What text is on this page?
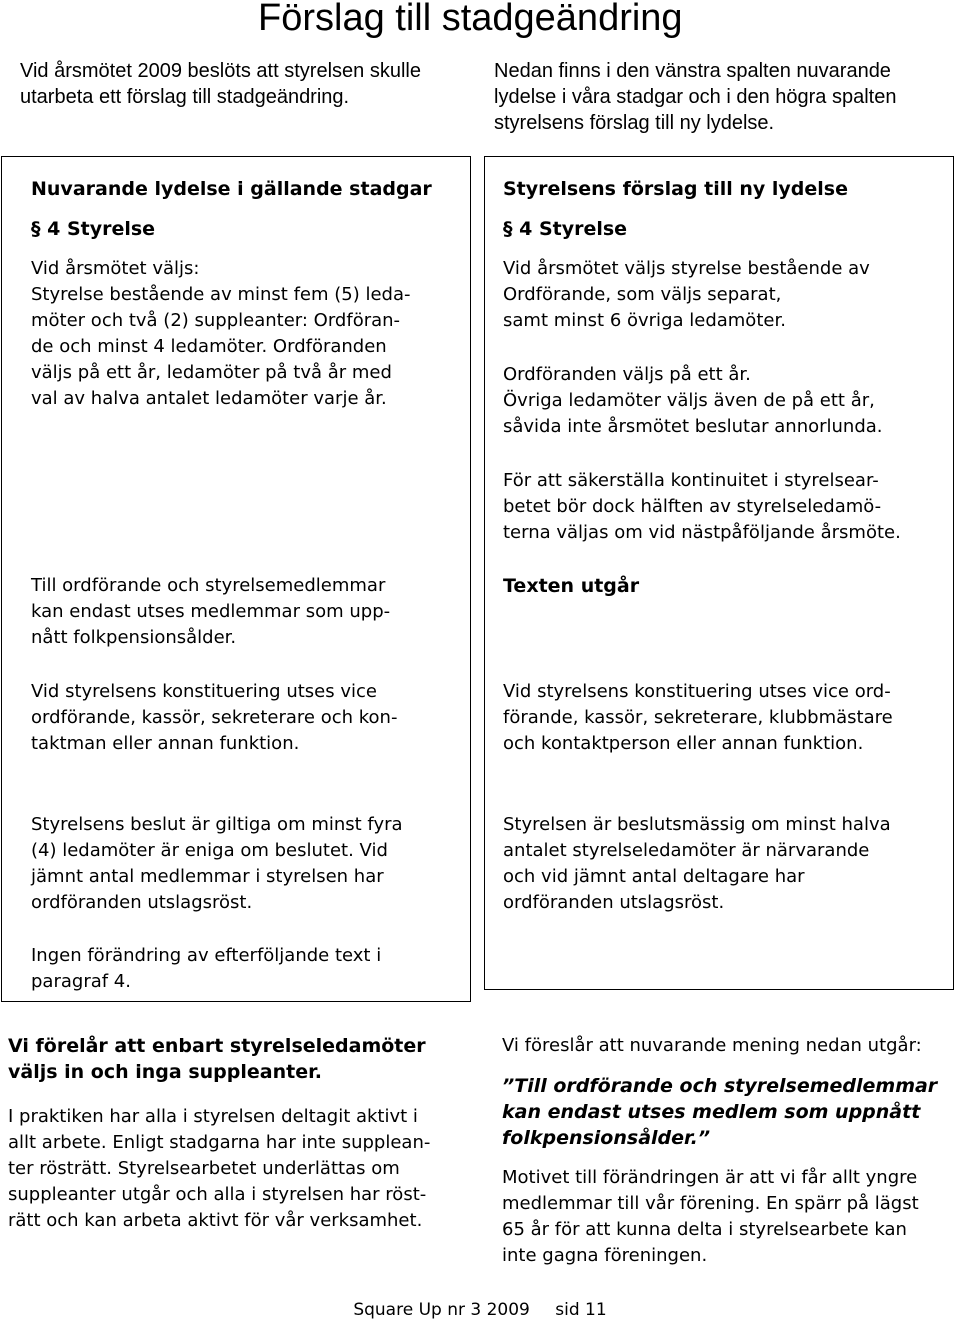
Förslag till stadgeändring
Vid årsmötet 2009 beslöts att styrelsen skulle
utarbeta ett förslag till stadgeändring.
Nedan finns i den vänstra spalten nuvarande
lydelse i våra stadgar och i den högra spalten
styrelsens förslag till ny lydelse.
Nuvarande lydelse i gällande stadgar
§ 4 Styrelse
Vid årsmötet väljs:
Styrelse bestående av minst fem (5) leda-
möter och två (2) suppleanter: Ordföran-
de och minst 4 ledamöter. Ordföranden
väljs på ett år, ledamöter på två år med
val av halva antalet ledamöter varje år.
Till ordförande och styrelsemedlemmar
kan endast utses medlemmar som upp-
nått folkpensionsålder.
Vid styrelsens konstituering utses vice
ordförande, kassör, sekreterare och kon-
taktman eller annan funktion.
Styrelsens beslut är giltiga om minst fyra
(4) ledamöter är eniga om beslutet. Vid
jämnt antal medlemmar i styrelsen har
ordföranden utslagsröst.
Ingen förändring av efterföljande text i
paragraf 4.
Styrelsens förslag till ny lydelse
§ 4 Styrelse
Vid årsmötet väljs styrelse bestående av
Ordförande, som väljs separat,
samt minst 6 övriga ledamöter.
Ordföranden väljs på ett år.
Övriga ledamöter väljs även de på ett år,
såvida inte årsmötet beslutar annorlunda.
För att säkerställa kontinuitet i styrelsear-
betet bör dock hälften av styrelseledamö-
terna väljas om vid nästpåföljande årsmöte.
Texten utgår
Vid styrelsens konstituering utses vice ord-
förande, kassör, sekreterare, klubbmästare
och kontaktperson eller annan funktion.
Styrelsen är beslutsmässig om minst halva
antalet styrelseledamöter är närvarande
och vid jämnt antal deltagare har
ordföranden utslagsröst.
Vi förelår att enbart styrelseledamöter
väljs in och inga suppleanter.
I praktiken har alla i styrelsen deltagit aktivt i
allt arbete. Enligt stadgarna har inte supplean-
ter rösträtt. Styrelsearbetet underlättas om
suppleanter utgår och alla i styrelsen har röst-
rätt och kan arbeta aktivt för vår verksamhet.
Vi föreslår att nuvarande mening nedan utgår:
”Till ordförande och styrelsemedlemmar
kan endast utses medlem som uppnått
folkpensionsålder.”
Motivet till förändringen är att vi får allt yngre
medlemmar till vår förening. En spärr på lägst
65 år för att kunna delta i styrelsearbete kan
inte gagna föreningen.
Square Up nr 3 2009 sid 11
